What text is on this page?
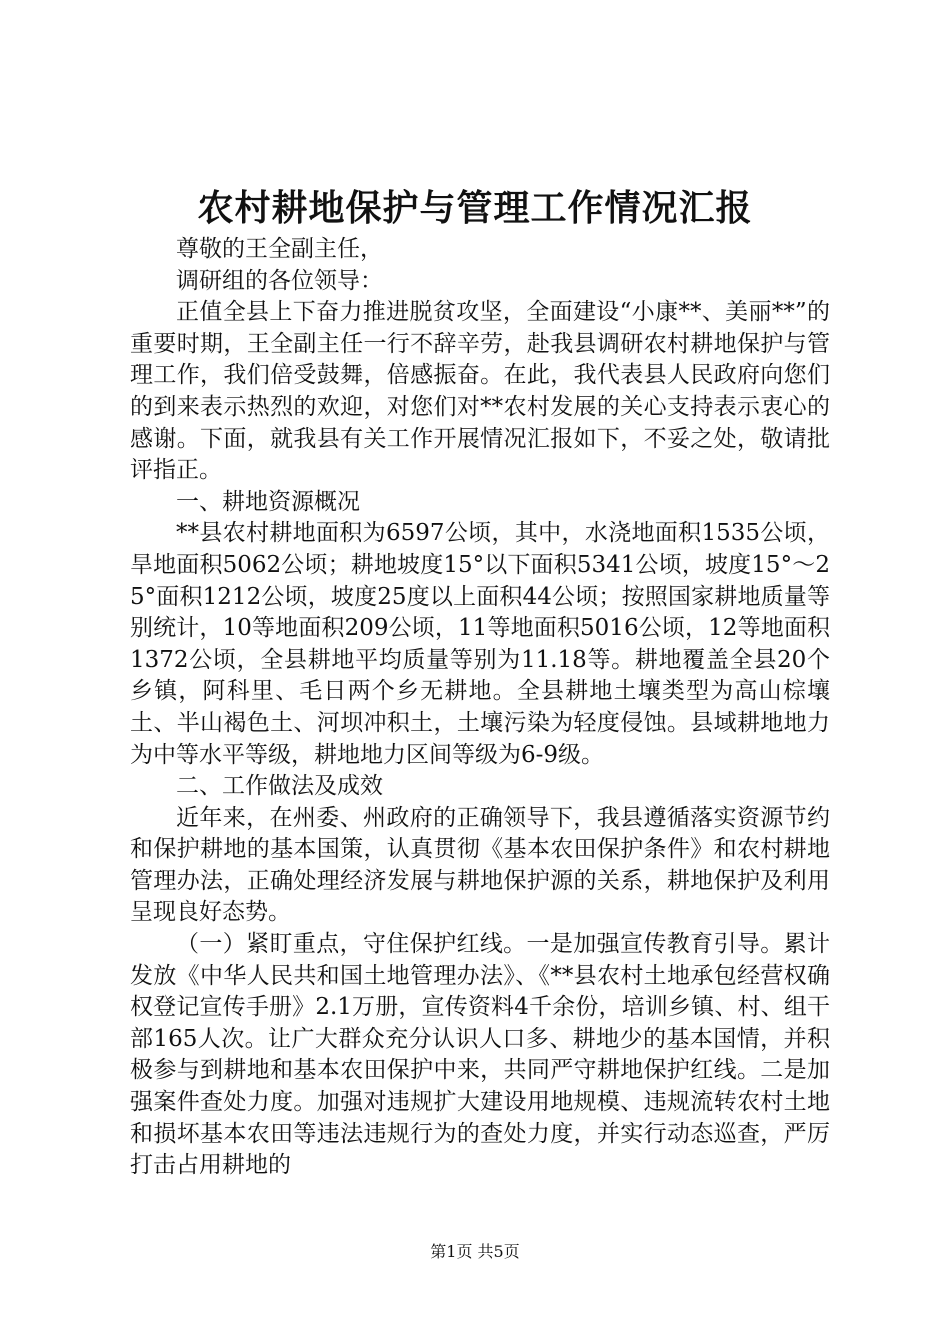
农村耕地保护与管理工作情况汇报

尊敬的王全副主任，

调研组的各位领导：

正值全县上下奋力推进脱贫攻坚，全面建设“小康**、美丽**”的重要时期，王全副主任一行不辞辛劳，赴我县调研农村耕地保护与管理工作，我们倍受鼓舞，倍感振奋。在此，我代表县人民政府向您们的到来表示热烈的欢迎，对您们对**农村发展的关心支持表示衷心的感谢。下面，就我县有关工作开展情况汇报如下，不妥之处，敬请批评指正。

一、耕地资源概况

**县农村耕地面积为6597公顷，其中，水浇地面积1535公顷，旱地面积5062公顷；耕地坡度15°以下面积5341公顷，坡度15°～25°面积1212公顷，坡度25度以上面积44公顷；按照国家耕地质量等别统计，10等地面积209公顷，11等地面积5016公顷，12等地面积1372公顷，全县耕地平均质量等别为11.18等。耕地覆盖全县20个乡镇，阿科里、毛日两个乡无耕地。全县耕地土壤类型为高山棕壤土、半山褐色土、河坝冲积土，土壤污染为轻度侵蚀。县域耕地地力为中等水平等级，耕地地力区间等级为6-9级。

二、工作做法及成效

近年来，在州委、州政府的正确领导下，我县遵循落实资源节约和保护耕地的基本国策，认真贯彻《基本农田保护条件》和农村耕地管理办法，正确处理经济发展与耕地保护源的关系，耕地保护及利用呈现良好态势。

（一）紧盯重点，守住保护红线。一是加强宣传教育引导。累计发放《中华人民共和国土地管理办法》、《**县农村土地承包经营权确权登记宣传手册》2.1万册，宣传资料4千余份，培训乡镇、村、组干部165人次。让广大群众充分认识人口多、耕地少的基本国情，并积极参与到耕地和基本农田保护中来，共同严守耕地保护红线。二是加强案件查处力度。加强对违规扩大建设用地规模、违规流转农村土地和损坏基本农田等违法违规行为的查处力度，并实行动态巡查，严厉打击占用耕地的

第1页 共5页
